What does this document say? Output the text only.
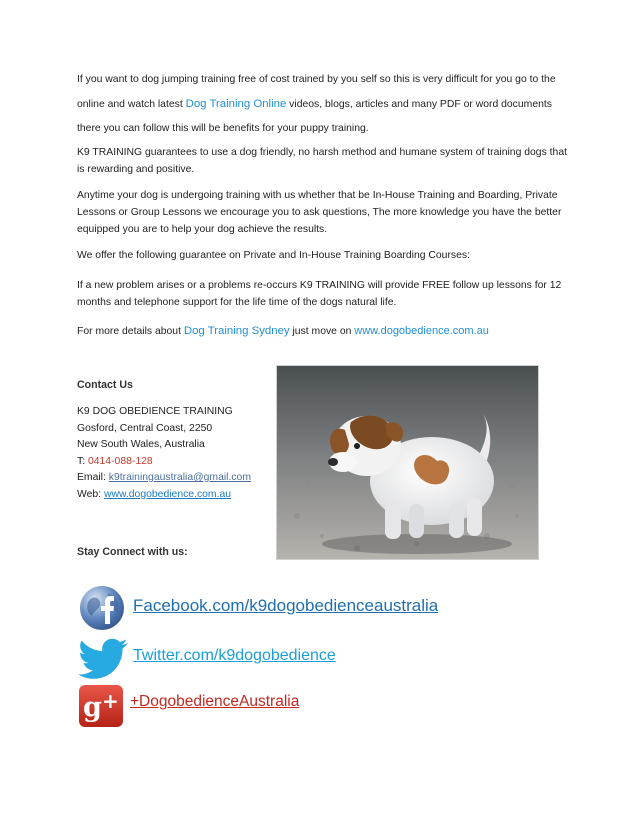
If you want to dog jumping training free of cost trained by you self so this is very difficult for you go to the online and watch latest Dog Training Online videos, blogs, articles and many PDF or word documents there you can follow this will be benefits for your puppy training.

K9 TRAINING guarantees to use a dog friendly, no harsh method and humane system of training dogs that is rewarding and positive.

Anytime your dog is undergoing training with us whether that be In-House Training and Boarding, Private Lessons or Group Lessons we encourage you to ask questions, The more knowledge you have the better equipped you are to help your dog achieve the results.

We offer the following guarantee on Private and In-House Training Boarding Courses:

If a new problem arises or a problems re-occurs K9 TRAINING will provide FREE follow up lessons for 12 months and telephone support for the life time of the dogs natural life.

For more details about Dog Training Sydney just move on www.dogobedience.com.au

Contact Us
K9 DOG OBEDIENCE TRAINING
Gosford, Central Coast, 2250
New South Wales, Australia
T: 0414-088-128
Email: k9trainingaustralia@gmail.com
Web: www.dogobedience.com.au
Stay Connect with us:
Facebook.com/k9dogobedienceaustralia
Twitter.com/k9dogobedience
g + +DogobedienceAustralia
